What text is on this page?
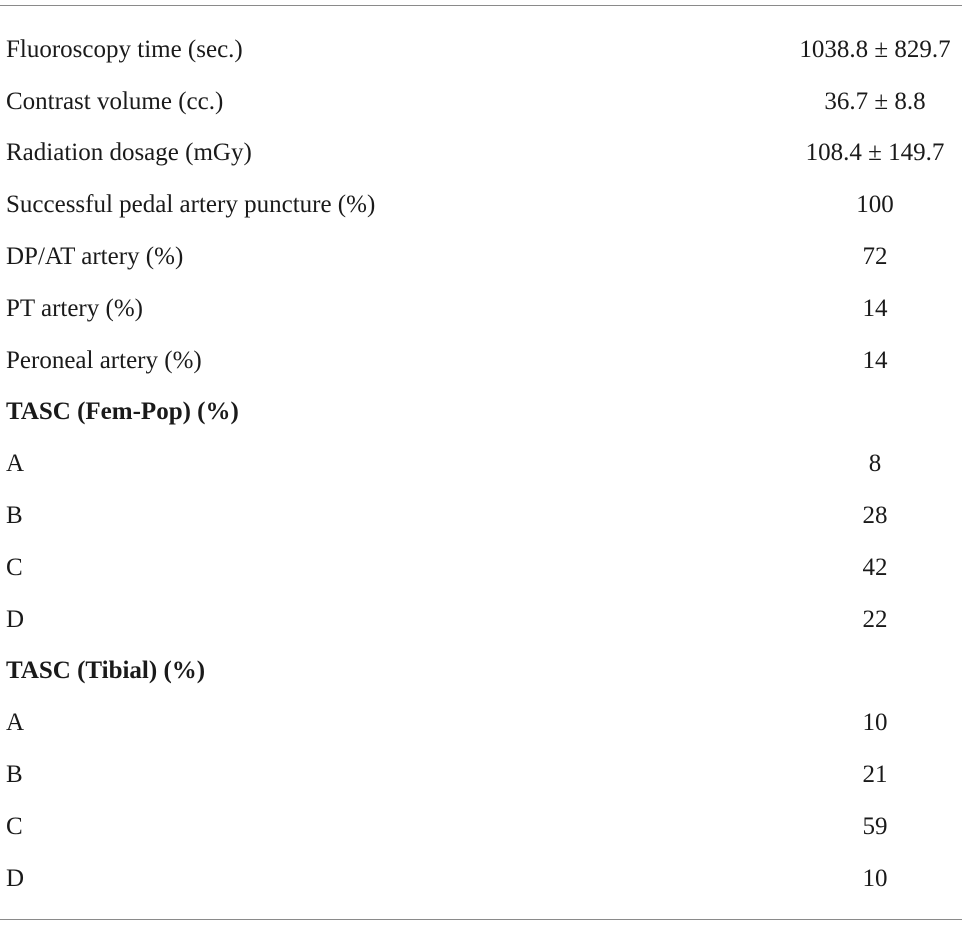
Fluoroscopy time (sec.)	1038.8 ± 829.7
Contrast volume (cc.)	36.7 ± 8.8
Radiation dosage (mGy)	108.4 ± 149.7
Successful pedal artery puncture (%)	100
DP/AT artery (%)	72
PT artery (%)	14
Peroneal artery (%)	14
TASC (Fem-Pop) (%)
A	8
B	28
C	42
D	22
TASC (Tibial) (%)
A	10
B	21
C	59
D	10
